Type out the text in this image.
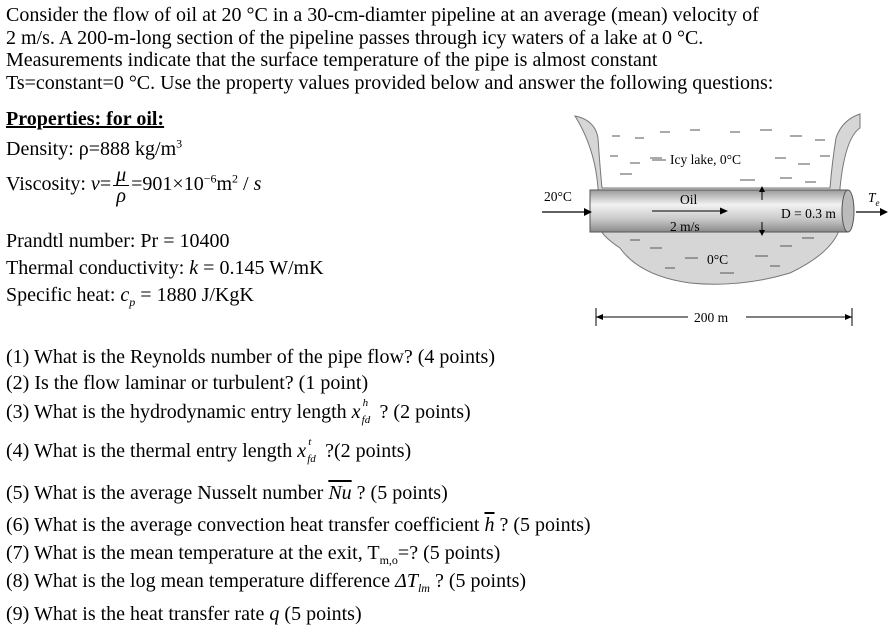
Consider the flow of oil at 20 °C in a 30-cm-diamter pipeline at an average (mean) velocity of
2 m/s. A 200-m-long section of the pipeline passes through icy waters of a lake at 0 °C.
Measurements indicate that the surface temperature of the pipe is almost constant
Ts=constant=0 °C. Use the property values provided below and answer the following questions:
Properties: for oil:
Density: ρ=888 $kg/m^3$
Viscosity: $\nu= \frac{\mu}{\rho} =901\times 10^{-6}m^2 / s$
Prandtl number: Pr = 10400
Thermal conductivity: k = 0.145 W/mK
Specific heat: $c_p = 1880$ J/KgK
Icy lake, 0°C
20°C	Oil
2 m/s
D = 0.3 m
0°C
200 m
$T_e$
(1) What is the Reynolds number of the pipe flow? (4 points)
(2) Is the flow laminar or turbulent? (1 point)
(3) What is the hydrodynamic entry length x h
fd ? (2 points)
(4) What is the thermal entry length x t
fd ?(2 points)
(5) What is the average Nusselt number $\overline{Nu}$ ? (5 points)
(6) What is the average convection heat transfer coefficient $\overline{h}$ ? (5 points)
(7) What is the mean temperature at the exit, $T_{m,o}=$? (5 points)
(8) What is the log mean temperature difference $\Delta T_{lm}$ ? (5 points)
(9) What is the heat transfer rate q (5 points)
